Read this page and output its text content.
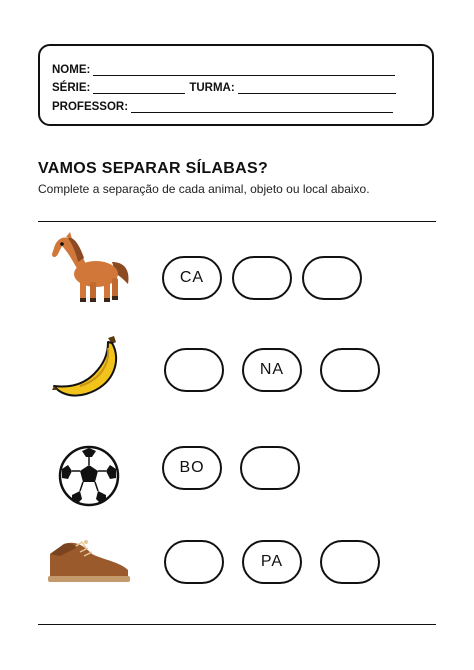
NOME:
SÉRIE:	TURMA:
PROFESSOR:
VAMOS SEPARAR SÍLABAS?
Complete a separação de cada animal, objeto ou local abaixo.
CA
NA
BO
PA
